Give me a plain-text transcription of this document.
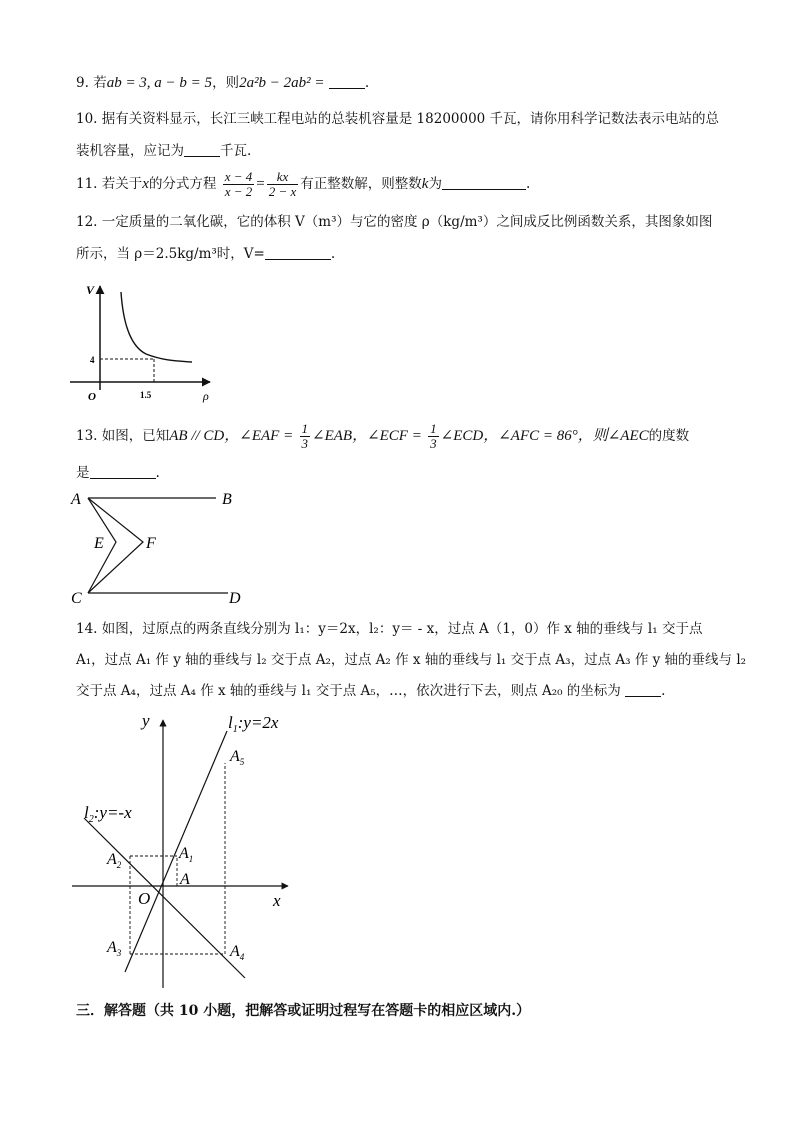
9. 若ab = 3, a − b = 5，则2a²b − 2ab² =	.
10. 据有关资料显示，长江三峡工程电站的总装机容量是 18200000 千瓦，请你用科学记数法表示电站的总
装机容量，应记为	千瓦.
11. 若关于x的分式方程 $\frac{x - 4}{x - 2} = \frac{kx}{2 - x}$ 有正整数解，则整数k为	.
12. 一定质量的二氧化碳，它的体积 V（m³）与它的密度 ρ（kg/m³）之间成反比例函数关系，其图象如图
所示，当 ρ＝2.5kg/m³时，V=	.
V
ρ
O
4
1.5
13. 如图，已知AB // CD，∠EAF = $\frac{1}{3}$ ∠EAB，∠ECF = $\frac{1}{3}$ ∠ECD，∠AFC = 86°，则∠AEC的度数
是	.
A	B
C	D
E	F
14. 如图，过原点的两条直线分别为 l₁：y＝2x，l₂：y＝ - x，过点 A（1，0）作 x 轴的垂线与 l₁ 交于点
A₁，过点 A₁ 作 y 轴的垂线与 l₂ 交于点 A₂，过点 A₂ 作 x 轴的垂线与 l₁ 交于点 A₃，过点 A₃ 作 y 轴的垂线与 l₂
交于点 A₄，过点 A₄ 作 x 轴的垂线与 l₁ 交于点 A₅，…，依次进行下去，则点 A₂₀ 的坐标为	.
y
x
O
A
$l_1:y=2x$
$l_2:y=-x$
$A_1$
$A_2$
$A_3$	$A_4$
$A_5$
三．解答题（共 10 小题，把解答或证明过程写在答题卡的相应区域内.）
